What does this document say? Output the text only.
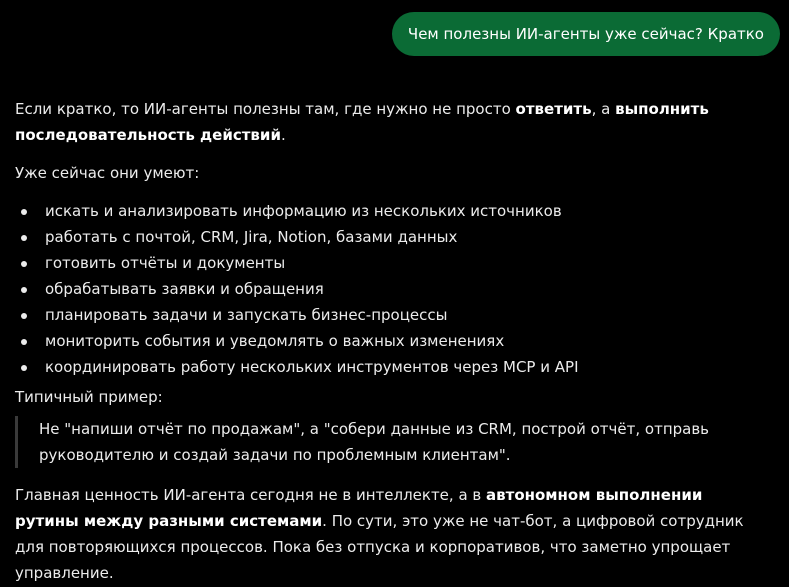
Чем полезны ИИ-агенты уже сейчас? Кратко

Если кратко, то ИИ-агенты полезны там, где нужно не просто ответить, а выполнить последовательность действий.

Уже сейчас они умеют:

искать и анализировать информацию из нескольких источников
работать с почтой, CRM, Jira, Notion, базами данных
готовить отчёты и документы
обрабатывать заявки и обращения
планировать задачи и запускать бизнес-процессы
мониторить события и уведомлять о важных изменениях
координировать работу нескольких инструментов через MCP и API

Типичный пример:

Не "напиши отчёт по продажам", а "собери данные из CRM, построй отчёт, отправь руководителю и создай задачи по проблемным клиентам".

Главная ценность ИИ-агента сегодня не в интеллекте, а в автономном выполнении рутины между разными системами. По сути, это уже не чат-бот, а цифровой сотрудник для повторяющихся процессов. Пока без отпуска и корпоративов, что заметно упрощает управление.
